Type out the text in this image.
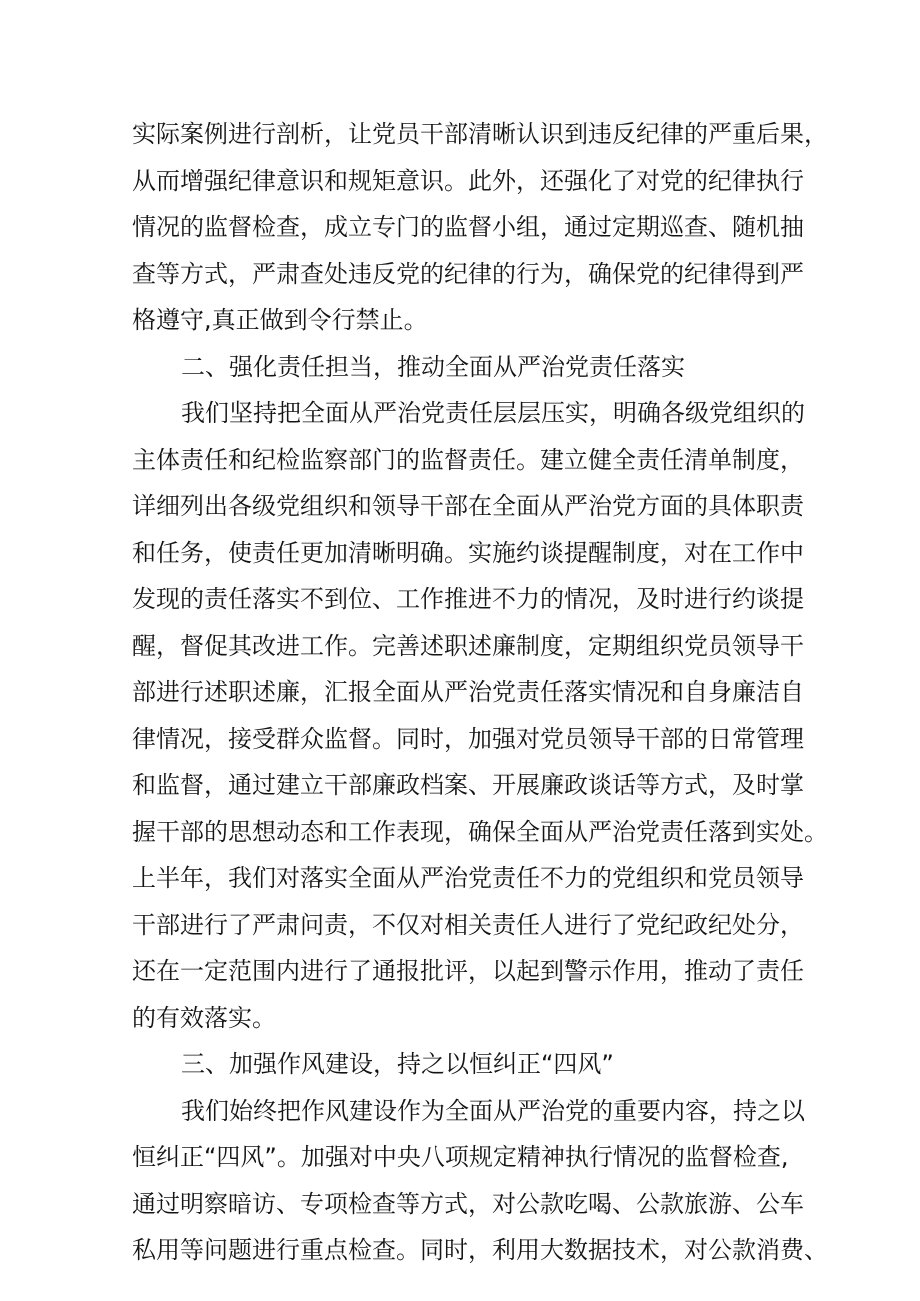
实际案例进行剖析，让党员干部清晰认识到违反纪律的严重后果，
从而增强纪律意识和规矩意识。此外，还强化了对党的纪律执行
情况的监督检查，成立专门的监督小组，通过定期巡查、随机抽
查等方式，严肃查处违反党的纪律的行为，确保党的纪律得到严
格遵守,真正做到令行禁止。
二、强化责任担当，推动全面从严治党责任落实
我们坚持把全面从严治党责任层层压实，明确各级党组织的
主体责任和纪检监察部门的监督责任。建立健全责任清单制度，
详细列出各级党组织和领导干部在全面从严治党方面的具体职责
和任务，使责任更加清晰明确。实施约谈提醒制度，对在工作中
发现的责任落实不到位、工作推进不力的情况，及时进行约谈提
醒，督促其改进工作。完善述职述廉制度，定期组织党员领导干
部进行述职述廉，汇报全面从严治党责任落实情况和自身廉洁自
律情况，接受群众监督。同时，加强对党员领导干部的日常管理
和监督，通过建立干部廉政档案、开展廉政谈话等方式，及时掌
握干部的思想动态和工作表现，确保全面从严治党责任落到实处。
上半年，我们对落实全面从严治党责任不力的党组织和党员领导
干部进行了严肃问责，不仅对相关责任人进行了党纪政纪处分，
还在一定范围内进行了通报批评，以起到警示作用，推动了责任
的有效落实。
三、加强作风建设，持之以恒纠正“四风”
我们始终把作风建设作为全面从严治党的重要内容，持之以
恒纠正“四风”。加强对中央八项规定精神执行情况的监督检查,
通过明察暗访、专项检查等方式，对公款吃喝、公款旅游、公车
私用等问题进行重点检查。同时，利用大数据技术，对公款消费、
